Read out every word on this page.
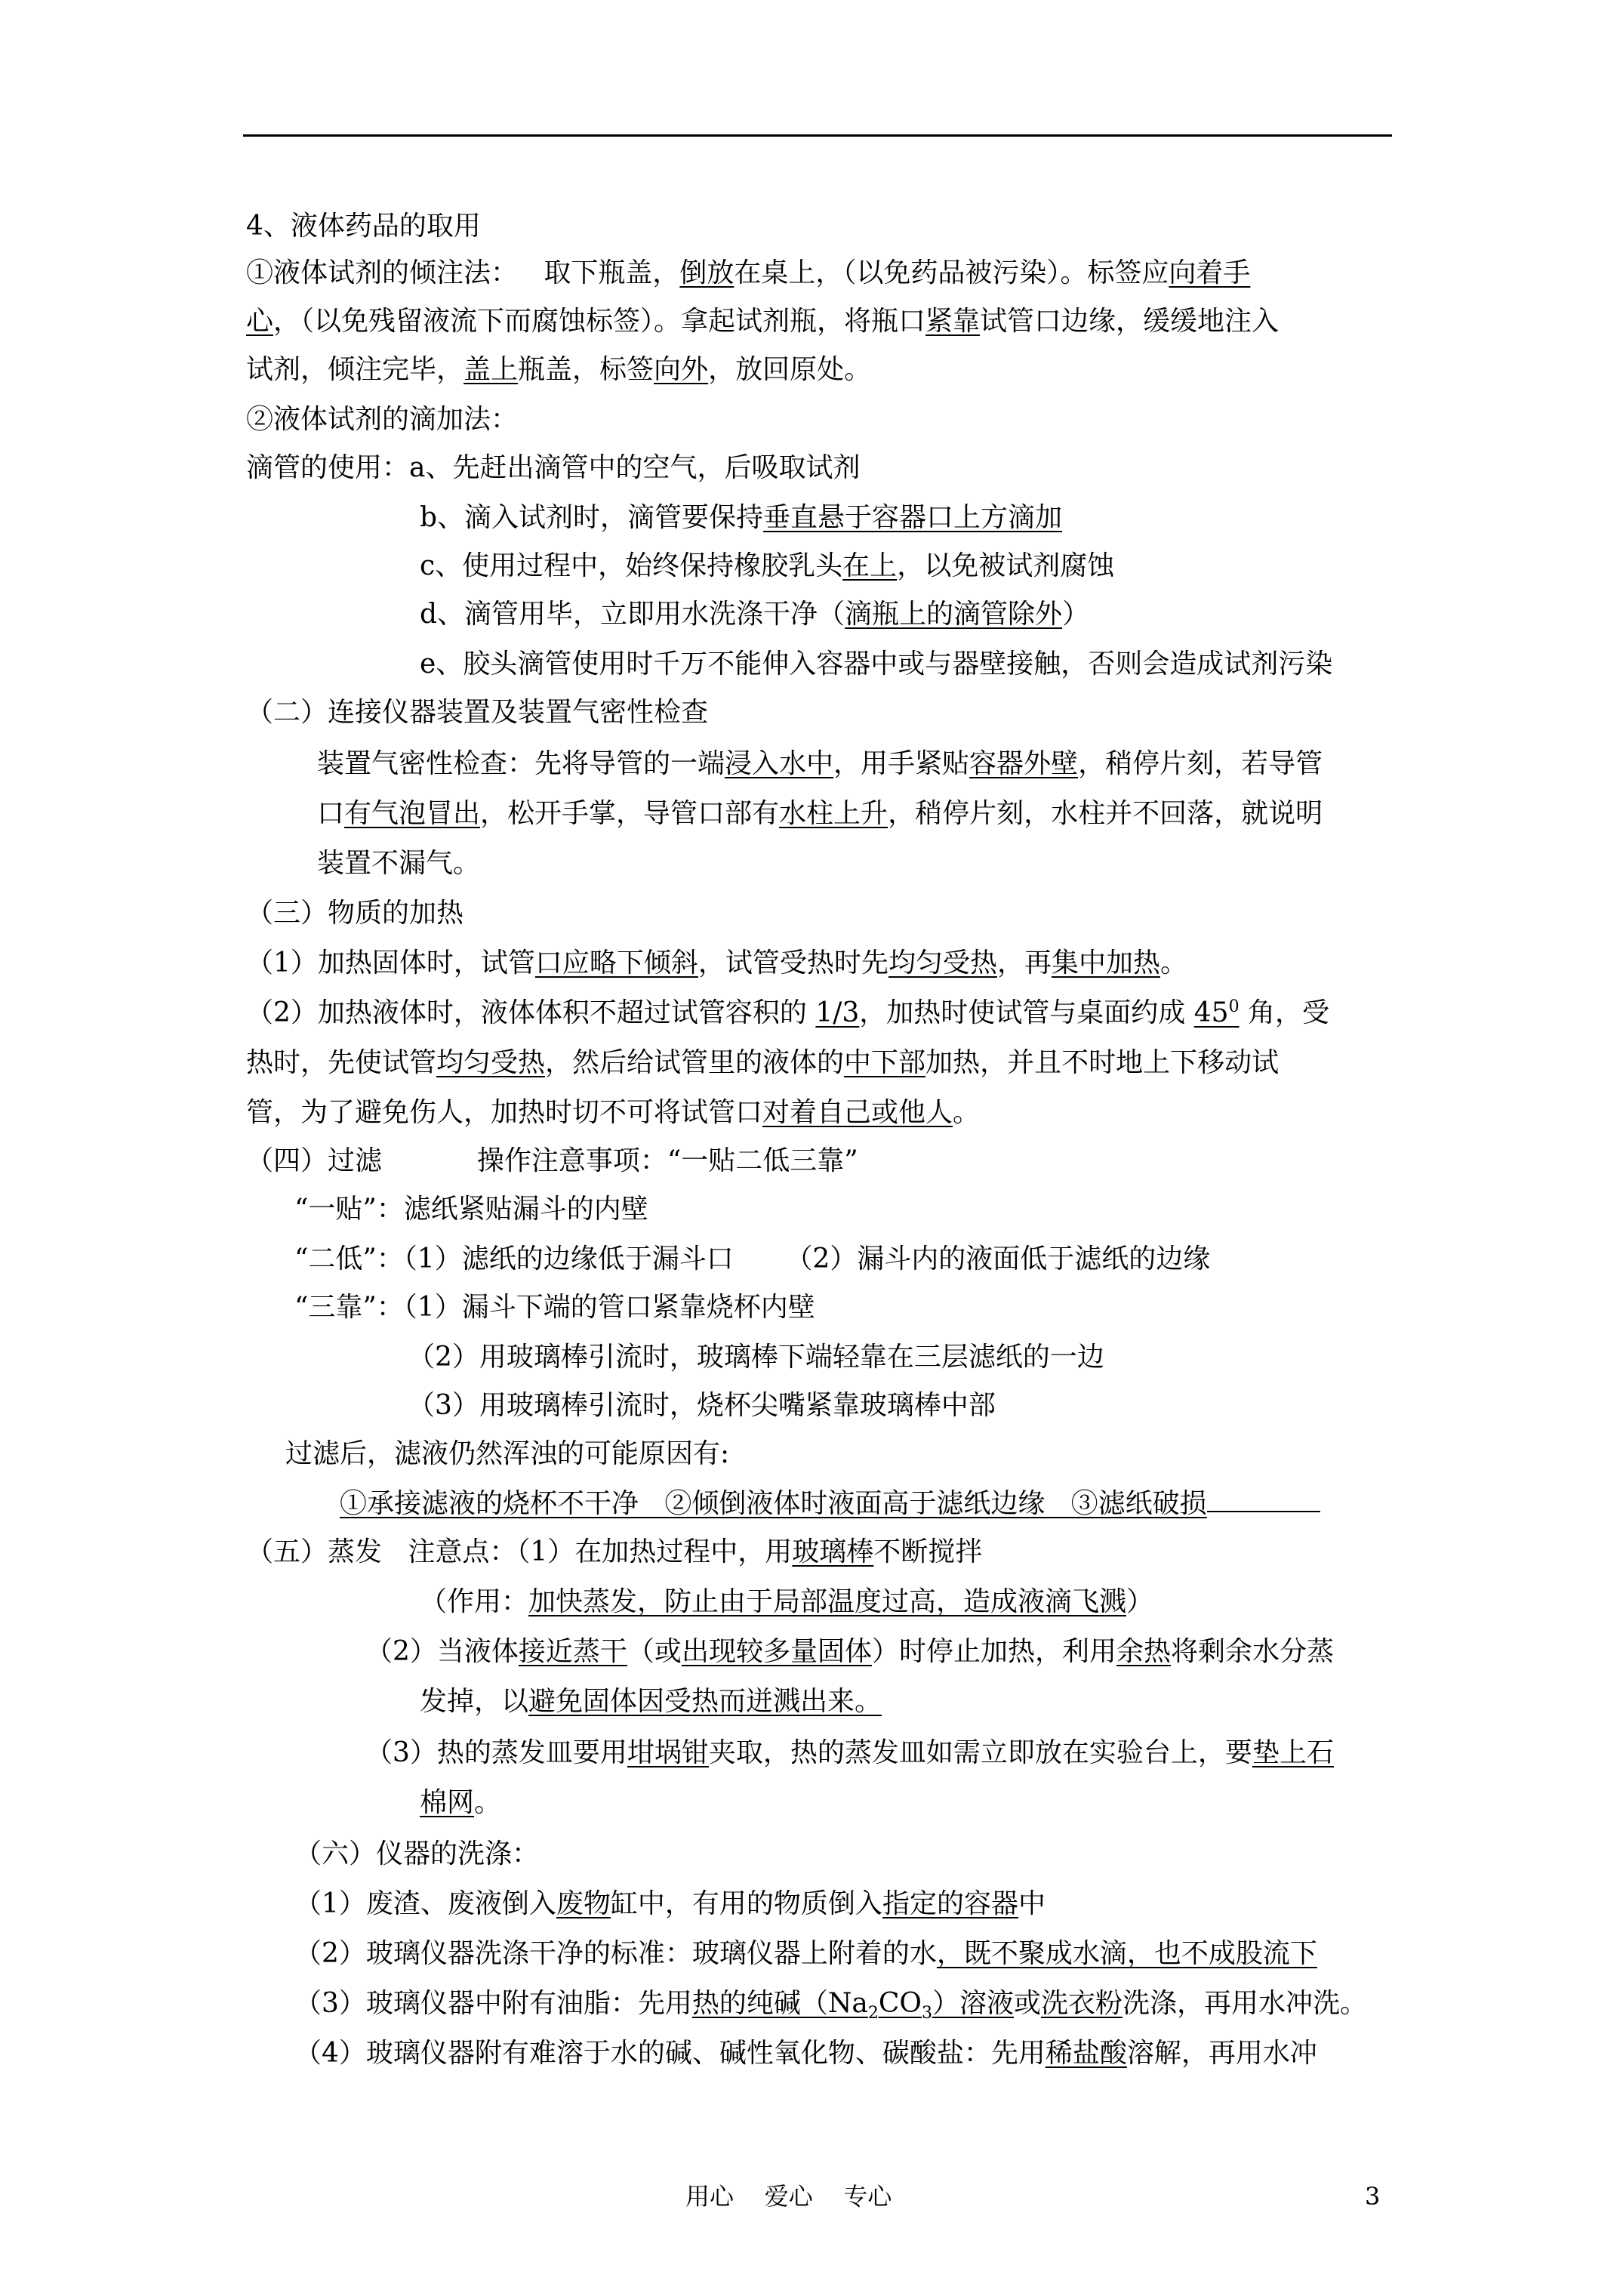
4、液体药品的取用
①液体试剂的倾注法：   取下瓶盖，倒放在桌上，（以免药品被污染）。标签应向着手
心，（以免残留液流下而腐蚀标签）。拿起试剂瓶，将瓶口紧靠试管口边缘，缓缓地注入
试剂，倾注完毕，盖上瓶盖，标签向外，放回原处。
②液体试剂的滴加法：
滴管的使用：a、先赶出滴管中的空气，后吸取试剂
b、滴入试剂时，滴管要保持垂直悬于容器口上方滴加
c、使用过程中，始终保持橡胶乳头在上，以免被试剂腐蚀
d、滴管用毕，立即用水洗涤干净（滴瓶上的滴管除外）
e、胶头滴管使用时千万不能伸入容器中或与器壁接触，否则会造成试剂污染
（二）连接仪器装置及装置气密性检查
装置气密性检查：先将导管的一端浸入水中，用手紧贴容器外壁，稍停片刻，若导管
口有气泡冒出，松开手掌，导管口部有水柱上升，稍停片刻，水柱并不回落，就说明
装置不漏气。
（三）物质的加热
（1）加热固体时，试管口应略下倾斜，试管受热时先均匀受热，再集中加热。
（2）加热液体时，液体体积不超过试管容积的 1/3，加热时使试管与桌面约成 $45^0$ 角，受
热时，先使试管均匀受热，然后给试管里的液体的中下部加热，并且不时地上下移动试
管，为了避免伤人，加热时切不可将试管口对着自己或他人。
（四）过滤           操作注意事项：“一贴二低三靠”
“一贴”：滤纸紧贴漏斗的内壁
“二低”：（1）滤纸的边缘低于漏斗口      （2）漏斗内的液面低于滤纸的边缘
“三靠”：（1）漏斗下端的管口紧靠烧杯内壁
（2）用玻璃棒引流时，玻璃棒下端轻靠在三层滤纸的一边
（3）用玻璃棒引流时，烧杯尖嘴紧靠玻璃棒中部
过滤后，滤液仍然浑浊的可能原因有:
①承接滤液的烧杯不干净   ②倾倒液体时液面高于滤纸边缘   ③滤纸破损
（五）蒸发   注意点：（1）在加热过程中，用玻璃棒不断搅拌
（作用：加快蒸发，防止由于局部温度过高，造成液滴飞溅）
（2）当液体接近蒸干（或出现较多量固体）时停止加热，利用余热将剩余水分蒸
发掉，以避免固体因受热而迸溅出来。
（3）热的蒸发皿要用坩埚钳夹取，热的蒸发皿如需立即放在实验台上，要垫上石
棉网。
（六）仪器的洗涤：
（1）废渣、废液倒入废物缸中，有用的物质倒入指定的容器中
（2）玻璃仪器洗涤干净的标准：玻璃仪器上附着的水，既不聚成水滴，也不成股流下
（3）玻璃仪器中附有油脂：先用热的纯碱$(Na_2CO_3)$溶液或洗衣粉洗涤，再用水冲洗。
（4）玻璃仪器附有难溶于水的碱、碱性氧化物、碳酸盐：先用稀盐酸溶解，再用水冲
用心    爱心    专心	3
